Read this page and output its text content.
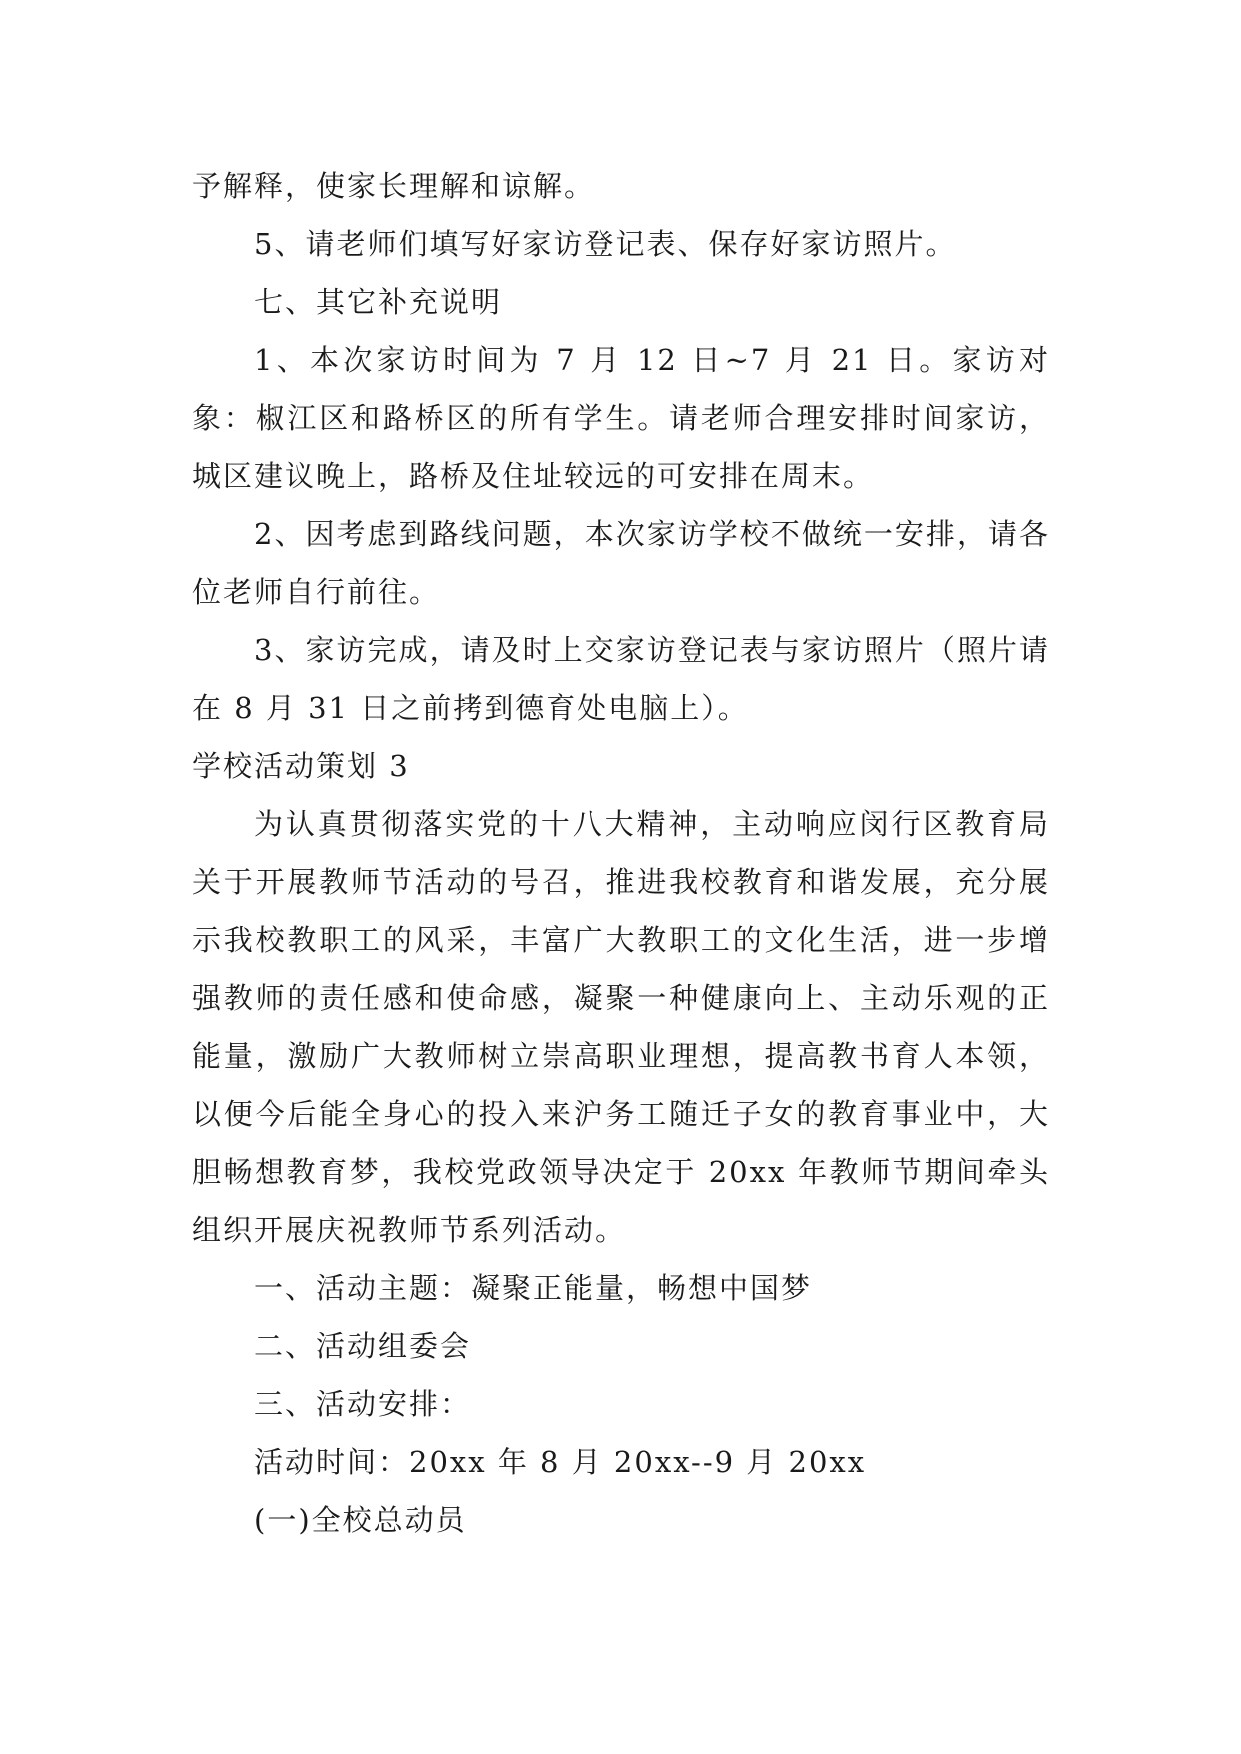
予解释，使家长理解和谅解。

5、请老师们填写好家访登记表、保存好家访照片。

七、其它补充说明

1、本次家访时间为 7 月 12 日~7 月 21 日。家访对象：椒江区和路桥区的所有学生。请老师合理安排时间家访，城区建议晚上，路桥及住址较远的可安排在周末。

2、因考虑到路线问题，本次家访学校不做统一安排，请各位老师自行前往。

3、家访完成，请及时上交家访登记表与家访照片（照片请在 8 月 31 日之前拷到德育处电脑上）。

学校活动策划 3

为认真贯彻落实党的十八大精神，主动响应闵行区教育局关于开展教师节活动的号召，推进我校教育和谐发展，充分展示我校教职工的风采，丰富广大教职工的文化生活，进一步增强教师的责任感和使命感，凝聚一种健康向上、主动乐观的正能量，激励广大教师树立崇高职业理想，提高教书育人本领，以便今后能全身心的投入来沪务工随迁子女的教育事业中，大胆畅想教育梦，我校党政领导决定于 20xx 年教师节期间牵头组织开展庆祝教师节系列活动。

一、活动主题：凝聚正能量，畅想中国梦

二、活动组委会

三、活动安排：

活动时间：20xx 年 8 月 20xx--9 月 20xx

(一)全校总动员
